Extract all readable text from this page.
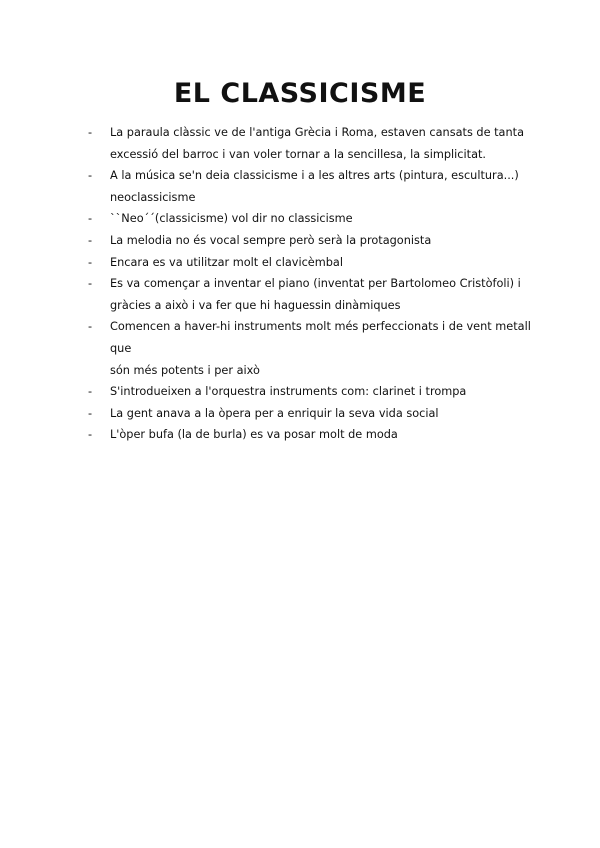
EL CLASSICISME
-	La paraula clàssic ve de l'antiga Grècia i Roma, estaven cansats de tanta
excessió del barroc i van voler tornar a la sencillesa, la simplicitat.
-	A la música se'n deia classicisme i a les altres arts (pintura, escultura...)
neoclassicisme
-	``Neo´´(classicisme) vol dir no classicisme
-	La melodia no és vocal sempre però serà la protagonista
-	Encara es va utilitzar molt el clavicèmbal
-	Es va començar a inventar el piano (inventat per Bartolomeo Cristòfoli) i
gràcies a això i va fer que hi haguessin dinàmiques
-	Comencen a haver-hi instruments molt més perfeccionats i de vent metall que
són més potents i per això
-	S'introdueixen a l'orquestra instruments com: clarinet i trompa
-	La gent anava a la òpera per a enriquir la seva vida social
-	L'òper bufa (la de burla) es va posar molt de moda
